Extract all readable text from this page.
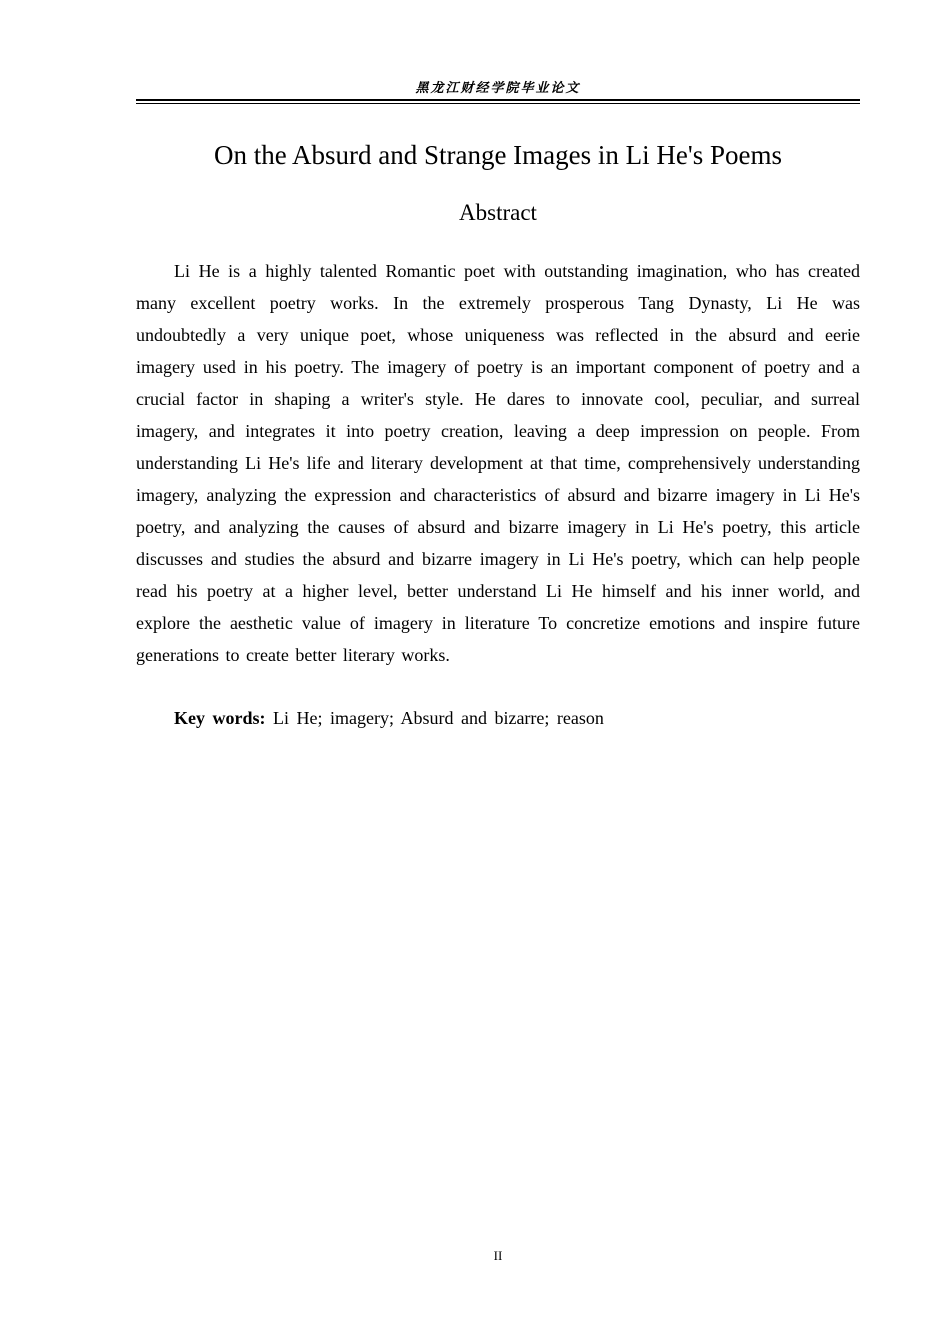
黑龙江财经学院毕业论文
On the Absurd and Strange Images in Li He's Poems
Abstract

Li He is a highly talented Romantic poet with outstanding imagination, who has created many excellent poetry works. In the extremely prosperous Tang Dynasty, Li He was undoubtedly a very unique poet, whose uniqueness was reflected in the absurd and eerie imagery used in his poetry. The imagery of poetry is an important component of poetry and a crucial factor in shaping a writer's style. He dares to innovate cool, peculiar, and surreal imagery, and integrates it into poetry creation, leaving a deep impression on people. From understanding Li He's life and literary development at that time, comprehensively understanding imagery, analyzing the expression and characteristics of absurd and bizarre imagery in Li He's poetry, and analyzing the causes of absurd and bizarre imagery in Li He's poetry, this article discusses and studies the absurd and bizarre imagery in Li He's poetry, which can help people read his poetry at a higher level, better understand Li He himself and his inner world, and explore the aesthetic value of imagery in literature To concretize emotions and inspire future generations to create better literary works.

Key words: Li He; imagery; Absurd and bizarre; reason

II
